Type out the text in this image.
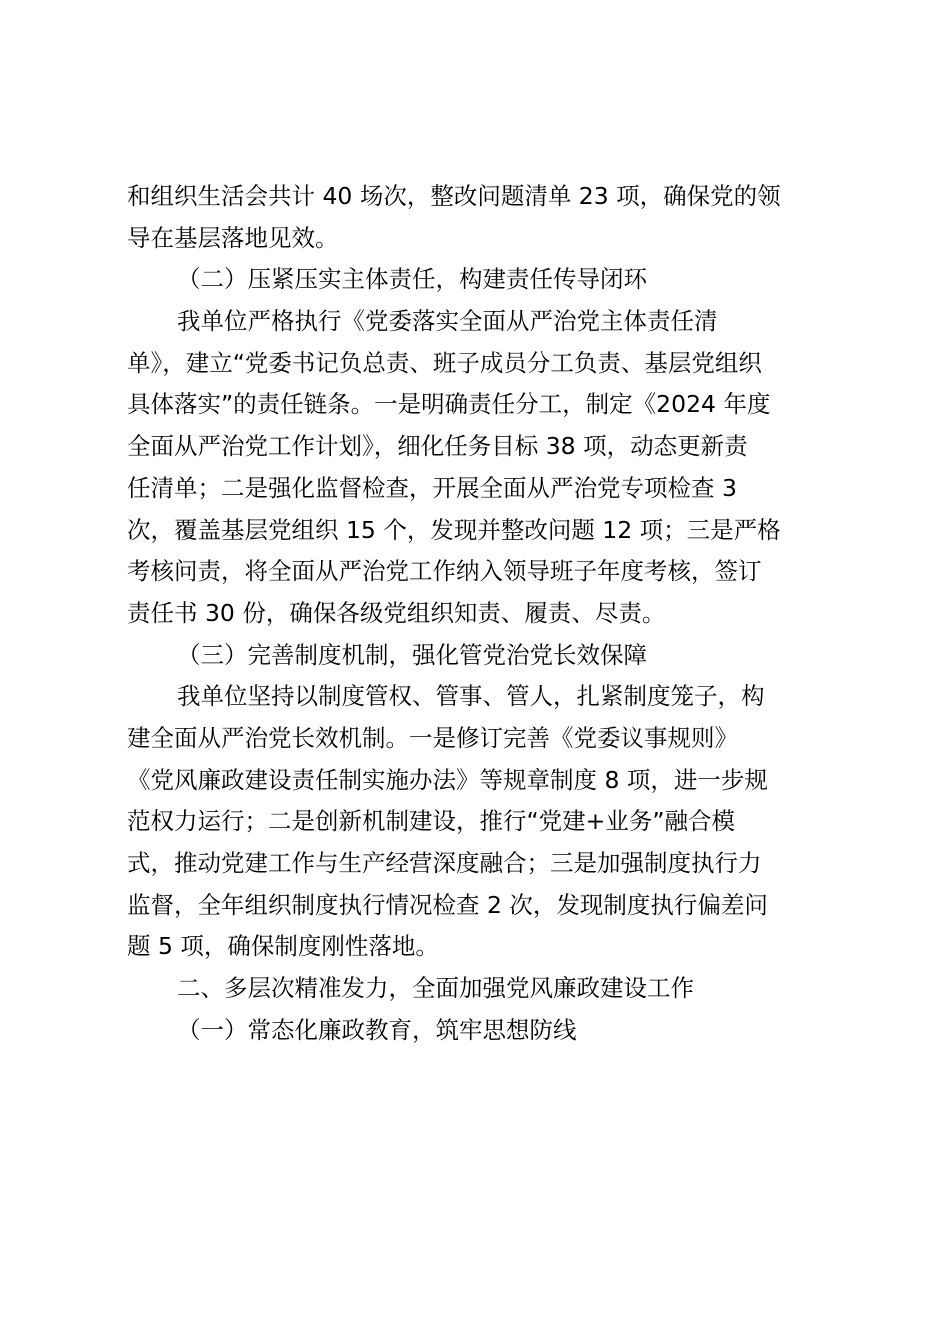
和组织生活会共计 40 场次，整改问题清单 23 项，确保党的领
导在基层落地见效。
（二）压紧压实主体责任，构建责任传导闭环
我单位严格执行《党委落实全面从严治党主体责任清
单》，建立“党委书记负总责、班子成员分工负责、基层党组织
具体落实”的责任链条。一是明确责任分工，制定《2024 年度
全面从严治党工作计划》，细化任务目标 38 项，动态更新责
任清单；二是强化监督检查，开展全面从严治党专项检查 3
次，覆盖基层党组织 15 个，发现并整改问题 12 项；三是严格
考核问责，将全面从严治党工作纳入领导班子年度考核，签订
责任书 30 份，确保各级党组织知责、履责、尽责。
（三）完善制度机制，强化管党治党长效保障
我单位坚持以制度管权、管事、管人，扎紧制度笼子，构
建全面从严治党长效机制。一是修订完善《党委议事规则》
《党风廉政建设责任制实施办法》等规章制度 8 项，进一步规
范权力运行；二是创新机制建设，推行“党建+业务”融合模
式，推动党建工作与生产经营深度融合；三是加强制度执行力
监督，全年组织制度执行情况检查 2 次，发现制度执行偏差问
题 5 项，确保制度刚性落地。
二、多层次精准发力，全面加强党风廉政建设工作
（一）常态化廉政教育，筑牢思想防线
